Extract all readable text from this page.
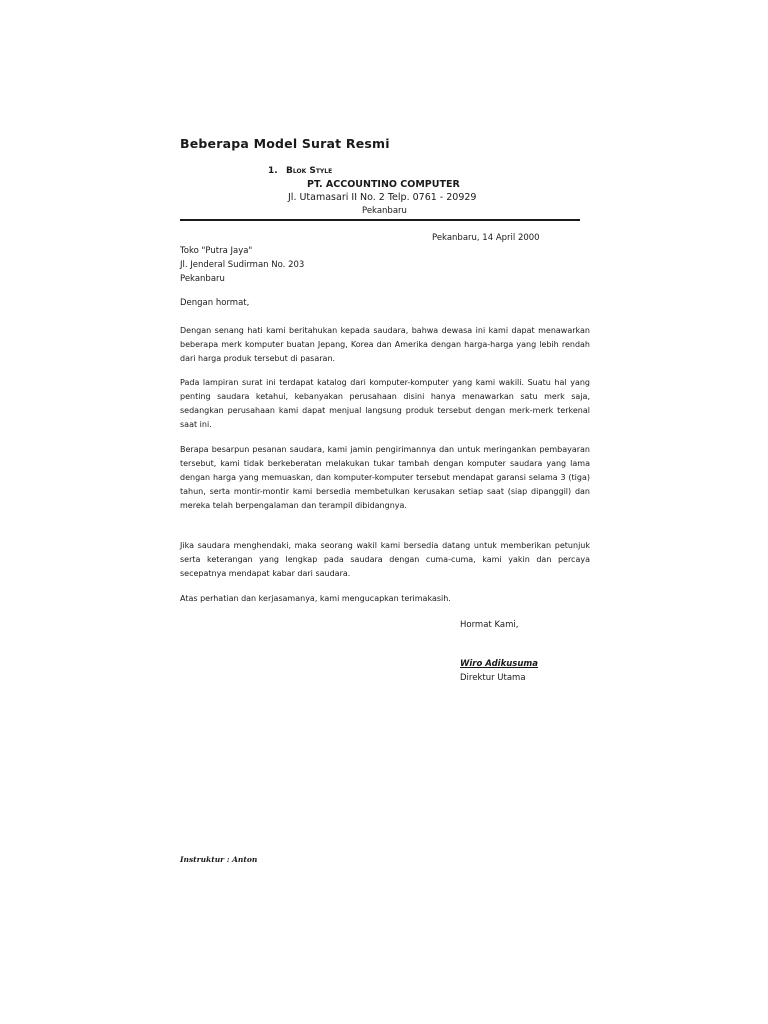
Beberapa Model Surat Resmi
1. Blok Style
PT. ACCOUNTINO COMPUTER
Jl. Utamasari II No. 2 Telp. 0761 - 20929
Pekanbaru
Pekanbaru, 14 April 2000
Toko "Putra Jaya"
Jl. Jenderal Sudirman No. 203
Pekanbaru
Dengan hormat,
Dengan senang hati kami beritahukan kepada saudara, bahwa dewasa ini kami dapat menawarkan beberapa merk komputer buatan Jepang, Korea dan Amerika dengan harga-harga yang lebih rendah dari harga produk tersebut di pasaran.
Pada lampiran surat ini terdapat katalog dari komputer-komputer yang kami wakili. Suatu hal yang penting saudara ketahui, kebanyakan perusahaan disini hanya menawarkan satu merk saja, sedangkan perusahaan kami dapat menjual langsung produk tersebut dengan merk-merk terkenal saat ini.
Berapa besarpun pesanan saudara, kami jamin pengirimannya dan untuk meringankan pembayaran tersebut, kami tidak berkeberatan melakukan tukar tambah dengan komputer saudara yang lama dengan harga yang memuaskan, dan komputer-komputer tersebut mendapat garansi selama 3 (tiga) tahun, serta montir-montir kami bersedia membetulkan kerusakan setiap saat (siap dipanggil) dan mereka telah berpengalaman dan terampil dibidangnya.
Jika saudara menghendaki, maka seorang wakil kami bersedia datang untuk memberikan petunjuk serta keterangan yang lengkap pada saudara dengan cuma-cuma, kami yakin dan percaya secepatnya mendapat kabar dari saudara.
Atas perhatian dan kerjasamanya, kami mengucapkan terimakasih.
Hormat Kami,
Wiro Adikusuma
Direktur Utama
Instruktur : Anton
